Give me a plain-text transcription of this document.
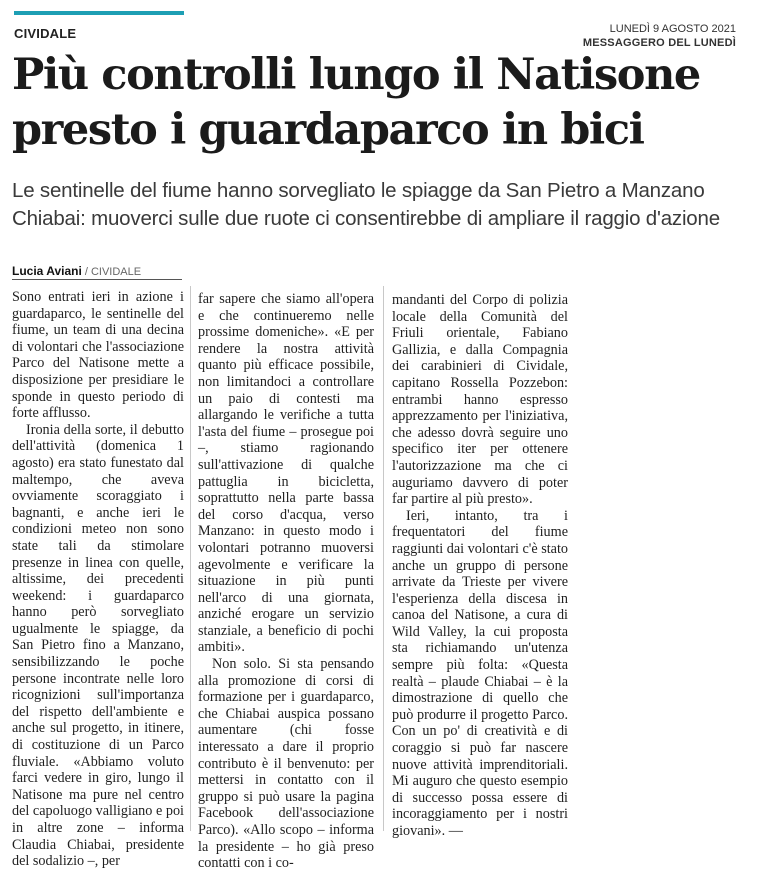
CIVIDALE	LUNEDÌ 9 AGOSTO 2021
MESSAGGERO DEL LUNEDÌ
Più controlli lungo il Natisone presto i guardaparco in bici
Le sentinelle del fiume hanno sorvegliato le spiagge da San Pietro a Manzano Chiabai: muoverci sulle due ruote ci consentirebbe di ampliare il raggio d'azione
Lucia Aviani / CIVIDALE

Sono entrati ieri in azione i guardaparco, le sentinelle del fiume, un team di una decina di volontari che l'associazione Parco del Natisone mette a disposizione per presidiare le sponde in questo periodo di forte afflusso.

Ironia della sorte, il debutto dell'attività (domenica 1 agosto) era stato funestato dal maltempo, che aveva ovviamente scoraggiato i bagnanti, e anche ieri le condizioni meteo non sono state tali da stimolare presenze in linea con quelle, altissime, dei precedenti weekend: i guardaparco hanno però sorvegliato ugualmente le spiagge, da San Pietro fino a Manzano, sensibilizzando le poche persone incontrate nelle loro ricognizioni sull'importanza del rispetto dell'ambiente e anche sul progetto, in itinere, di costituzione di un Parco fluviale. «Abbiamo voluto farci vedere in giro, lungo il Natisone ma pure nel centro del capoluogo valligiano e poi in altre zone – informa Claudia Chiabai, presidente del sodalizio –, per

far sapere che siamo all'opera e che continueremo nelle prossime domeniche». «E per rendere la nostra attività quanto più efficace possibile, non limitandoci a controllare un paio di contesti ma allargando le verifiche a tutta l'asta del fiume – prosegue poi –, stiamo ragionando sull'attivazione di qualche pattuglia in bicicletta, soprattutto nella parte bassa del corso d'acqua, verso Manzano: in questo modo i volontari potranno muoversi agevolmente e verificare la situazione in più punti nell'arco di una giornata, anziché erogare un servizio stanziale, a beneficio di pochi ambiti».

Non solo. Si sta pensando alla promozione di corsi di formazione per i guardaparco, che Chiabai auspica possano aumentare (chi fosse interessato a dare il proprio contributo è il benvenuto: per mettersi in contatto con il gruppo si può usare la pagina Facebook dell'associazione Parco). «Allo scopo – informa la presidente – ho già preso contatti con i co-

mandanti del Corpo di polizia locale della Comunità del Friuli orientale, Fabiano Gallizia, e dalla Compagnia dei carabinieri di Cividale, capitano Rossella Pozzebon: entrambi hanno espresso apprezzamento per l'iniziativa, che adesso dovrà seguire uno specifico iter per ottenere l'autorizzazione ma che ci auguriamo davvero di poter far partire al più presto».

Ieri, intanto, tra i frequentatori del fiume raggiunti dai volontari c'è stato anche un gruppo di persone arrivate da Trieste per vivere l'esperienza della discesa in canoa del Natisone, a cura di Wild Valley, la cui proposta sta richiamando un'utenza sempre più folta: «Questa realtà – plaude Chiabai – è la dimostrazione di quello che può produrre il progetto Parco. Con un po' di creatività e di coraggio si può far nascere nuove attività imprenditoriali. Mi auguro che questo esempio di successo possa essere di incoraggiamento per i nostri giovani». —
